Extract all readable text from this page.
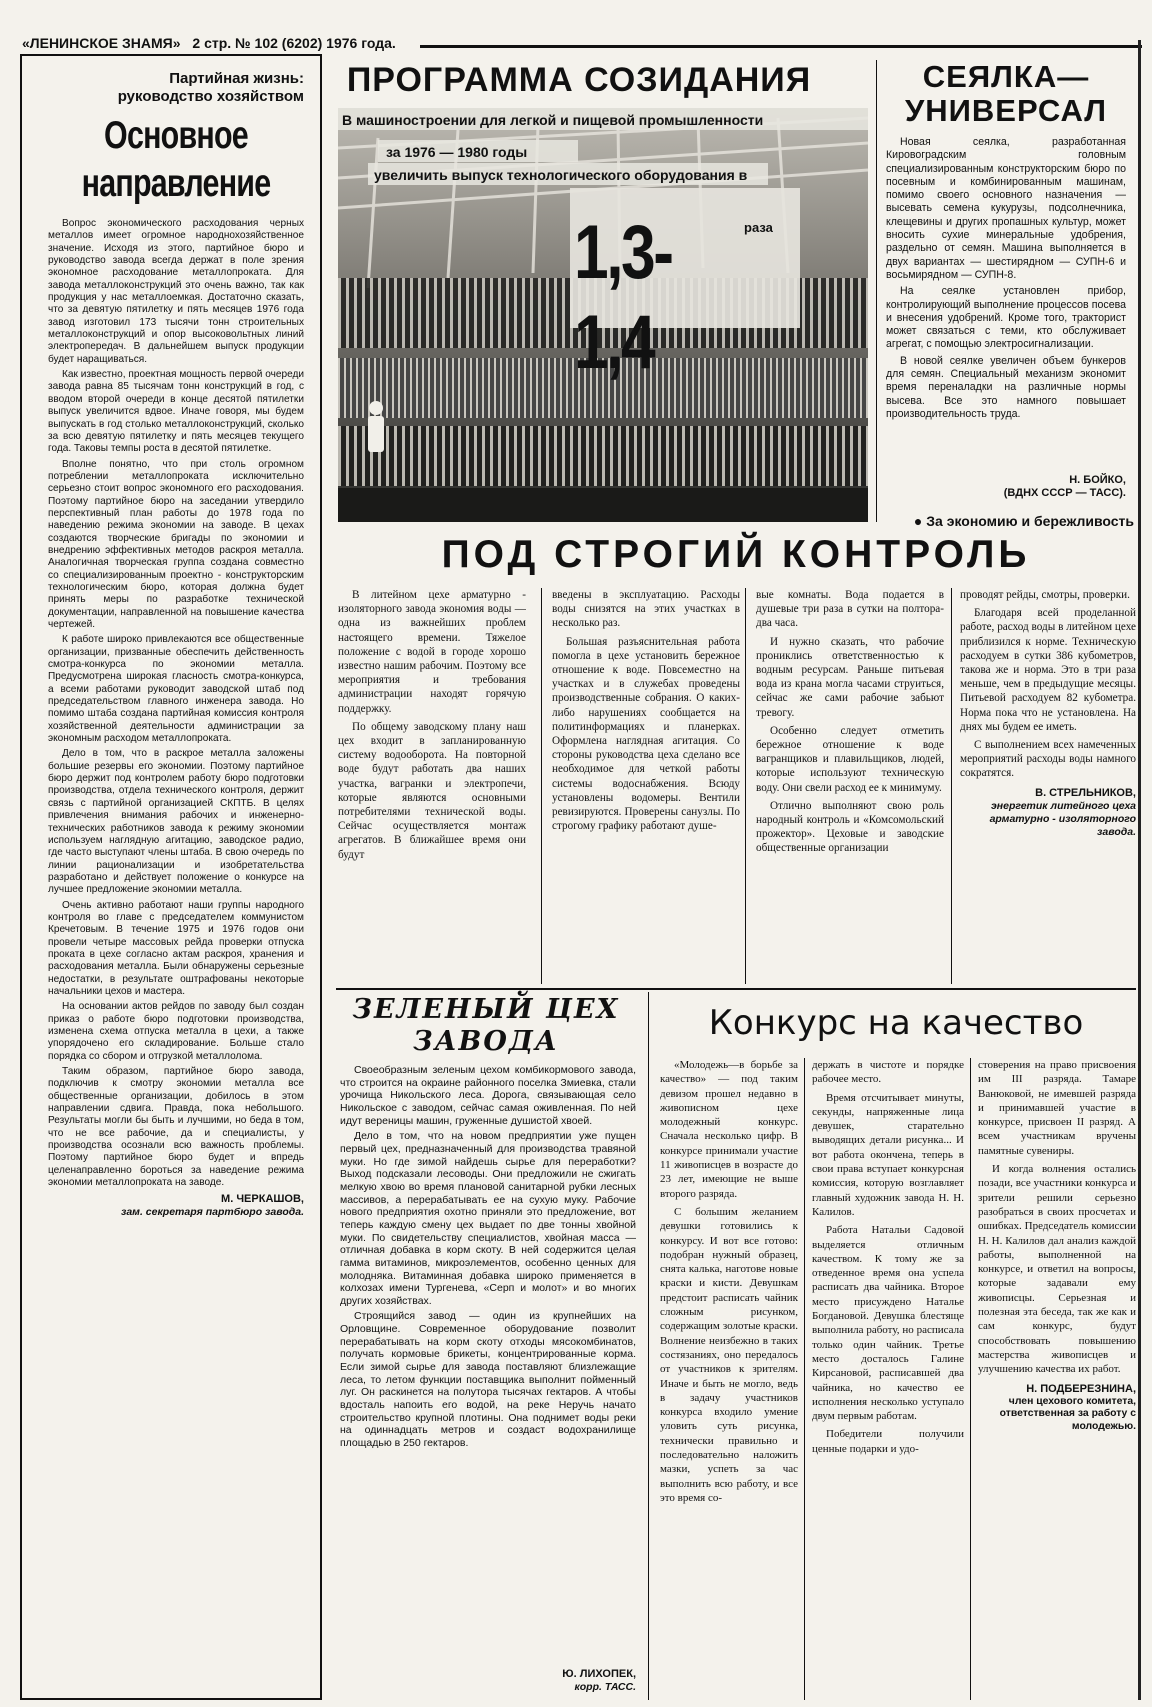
«ЛЕНИНСКОЕ ЗНАМЯ» 2 стр. № 102 (6202) 1976 года.
Партийная жизнь:
руководство хозяйством
Основное
направление

Вопрос экономического расходования черных металлов имеет огромное народнохозяйственное значение. Исходя из этого, партийное бюро и руководство завода всегда держат в поле зрения экономное расходование металлопроката. Для завода металлоконструкций это очень важно, так как продукция у нас металлоемкая. Достаточно сказать, что за девятую пятилетку и пять месяцев 1976 года завод изготовил 173 тысячи тонн строительных металлоконструкций и опор высоковольтных линий электропередач. В дальнейшем выпуск продукции будет наращиваться.

Как известно, проектная мощность первой очереди завода равна 85 тысячам тонн конструкций в год, с вводом второй очереди в конце десятой пятилетки выпуск увеличится вдвое. Иначе говоря, мы будем выпускать в год столько металлоконструкций, сколько за всю девятую пятилетку и пять месяцев текущего года. Таковы темпы роста в десятой пятилетке.

Вполне понятно, что при столь огромном потреблении металлопроката исключительно серьезно стоит вопрос экономного его расходования. Поэтому партийное бюро на заседании утвердило перспективный план работы до 1978 года по наведению режима экономии на заводе. В цехах создаются творческие бригады по экономии и внедрению эффективных методов раскроя металла. Аналогичная творческая группа создана совместно со специализированным проектно - конструкторским технологическим бюро, которая должна будет принять меры по разработке технической документации, направленной на повышение качества чертежей.

К работе широко привлекаются все общественные организации, призванные обеспечить действенность смотра-конкурса по экономии металла. Предусмотрена широкая гласность смотра-конкурса, а всеми работами руководит заводской штаб под председательством главного инженера завода. Но помимо штаба создана партийная комиссия контроля хозяйственной деятельности администрации за экономным расходом металлопроката.

Дело в том, что в раскрое металла заложены большие резервы его экономии. Поэтому партийное бюро держит под контролем работу бюро подготовки производства, отдела технического контроля, держит связь с партийной организацией СКПТБ. В целях привлечения внимания рабочих и инженерно-технических работников завода к режиму экономии используем наглядную агитацию, заводское радио, где часто выступают члены штаба. В свою очередь по линии рационализации и изобретательства разработано и действует положение о конкурсе на лучшее предложение экономии металла.

Очень активно работают наши группы народного контроля во главе с председателем коммунистом Кречетовым. В течение 1975 и 1976 годов они провели четыре массовых рейда проверки отпуска проката в цехе согласно актам раскроя, хранения и расходования металла. Были обнаружены серьезные недостатки, в результате оштрафованы некоторые начальники цехов и мастера.

На основании актов рейдов по заводу был создан приказ о работе бюро подготовки производства, изменена схема отпуска металла в цехи, а также упорядочено его складирование. Больше стало порядка со сбором и отгрузкой металлолома.

Таким образом, партийное бюро завода, подключив к смотру экономии металла все общественные организации, добилось в этом направлении сдвига. Правда, пока небольшого. Результаты могли бы быть и лучшими, но беда в том, что не все рабочие, да и специалисты, у производства осознали всю важность проблемы. Поэтому партийное бюро будет и впредь целенаправленно бороться за наведение режима экономии металлопроката на заводе.

М. ЧЕРКАШОВ,
зам. секретаря партбюро завода.
ПРОГРАММА СОЗИДАНИЯ
В машиностроении для легкой и пищевой промышленности
за 1976 — 1980 годы
увеличить выпуск технологического оборудования в
1,3-1,4
раза
СЕЯЛКА—
УНИВЕРСАЛ

Новая сеялка, разработанная Кировоградским головным специализированным конструкторским бюро по посевным и комбинированным машинам, помимо своего основного назначения — высевать семена кукурузы, подсолнечника, клещевины и других пропашных культур, может вносить сухие минеральные удобрения, раздельно от семян. Машина выполняется в двух вариантах — шестирядном — СУПН-6 и восьмирядном — СУПН-8.

На сеялке установлен прибор, контролирующий выполнение процессов посева и внесения удобрений. Кроме того, тракторист может связаться с теми, кто обслуживает агрегат, с помощью электросигнализации.

В новой сеялке увеличен объем бункеров для семян. Специальный механизм экономит время переналадки на различные нормы высева. Все это намного повышает производительность труда.

Н. БОЙКО,
(ВДНХ СССР — ТАСС).
● За экономию и бережливость
ПОД СТРОГИЙ КОНТРОЛЬ

В литейном цехе арматурно - изоляторного завода экономия воды — одна из важнейших проблем настоящего времени. Тяжелое положение с водой в городе хорошо известно нашим рабочим. Поэтому все мероприятия и требования администрации находят горячую поддержку.

По общему заводскому плану наш цех входит в запланированную систему водооборота. На повторной воде будут работать два наших участка, вагранки и электропечи, которые являются основными потребителями технической воды. Сейчас осуществляется монтаж агрегатов. В ближайшее время они будут

введены в эксплуатацию. Расходы воды снизятся на этих участках в несколько раз.

Большая разъяснительная работа помогла в цехе установить бережное отношение к воде. Повсеместно на участках и в служебах проведены производственные собрания. О каких-либо нарушениях сообщается на политинформациях и планерках. Оформлена наглядная агитация. Со стороны руководства цеха сделано все необходимое для четкой работы системы водоснабжения. Всюду установлены водомеры. Вентили ревизируются. Проверены санузлы. По строгому графику работают душе-

вые комнаты. Вода подается в душевые три раза в сутки на полтора-два часа.

И нужно сказать, что рабочие прониклись ответственностью к водным ресурсам. Раньше питьевая вода из крана могла часами струиться, сейчас же сами рабочие забьют тревогу.

Особенно следует отметить бережное отношение к воде вагранщиков и плавильщиков, людей, которые используют техническую воду. Они свели расход ее к минимуму.

Отлично выполняют свою роль народный контроль и «Комсомольский прожектор». Цеховые и заводские общественные организации

проводят рейды, смотры, проверки.

Благодаря всей проделанной работе, расход воды в литейном цехе приблизился к норме. Техническую расходуем в сутки 386 кубометров, такова же и норма. Это в три раза меньше, чем в предыдущие месяцы. Питьевой расходуем 82 кубометра. Норма пока что не установлена. На днях мы будем ее иметь.

С выполнением всех намеченных мероприятий расходы воды намного сократятся.

В. СТРЕЛЬНИКОВ,
энергетик литейного цеха арматурно - изоляторного завода.
ЗЕЛЕНЫЙ ЦЕХ
ЗАВОДА

Своеобразным зеленым цехом комбикормового завода, что строится на окраине районного поселка Змиевка, стали урочища Никольского леса. Дорога, связывающая село Никольское с заводом, сейчас самая оживленная. По ней идут вереницы машин, груженные душистой хвоей.

Дело в том, что на новом предприятии уже пущен первый цех, предназначенный для производства травяной муки. Но где зимой найдешь сырье для переработки? Выход подсказали лесоводы. Они предложили не сжигать мелкую хвою во время плановой санитарной рубки лесных массивов, а перерабатывать ее на сухую муку. Рабочие нового предприятия охотно приняли это предложение, вот теперь каждую смену цех выдает по две тонны хвойной муки. По свидетельству специалистов, хвойная масса — отличная добавка в корм скоту. В ней содержится целая гамма витаминов, микроэлементов, особенно ценных для молодняка. Витаминная добавка широко применяется в колхозах имени Тургенева, «Серп и молот» и во многих других хозяйствах.

Строящийся завод — один из крупнейших на Орловщине. Современное оборудование позволит перерабатывать на корм скоту отходы мясокомбинатов, получать кормовые брикеты, концентрированные корма. Если зимой сырье для завода поставляют близлежащие леса, то летом функции поставщика выполнит пойменный луг. Он раскинется на полутора тысячах гектаров. А чтобы вдосталь напоить его водой, на реке Неручь начато строительство крупной плотины. Она поднимет воды реки на одиннадцать метров и создаст водохранилище площадью в 250 гектаров.

Ю. ЛИХОПЕК,
корр. ТАСС.
Конкурс на качество

«Молодежь—в борьбе за качество» — под таким девизом прошел недавно в живописном цехе молодежный конкурс. Сначала несколько цифр. В конкурсе принимали участие 11 живописцев в возрасте до 23 лет, имеющие не выше второго разряда.

С большим желанием девушки готовились к конкурсу. И вот все готово: подобран нужный образец, снята калька, наготове новые краски и кисти. Девушкам предстоит расписать чайник сложным рисунком, содержащим золотые краски. Волнение неизбежно в таких состязаниях, оно передалось от участников к зрителям. Иначе и быть не могло, ведь в задачу участников конкурса входило умение уловить суть рисунка, технически правильно и последовательно наложить мазки, успеть за час выполнить всю работу, и все это время со-

держать в чистоте и порядке рабочее место.

Время отсчитывает минуты, секунды, напряженные лица девушек, старательно выводящих детали рисунка... И вот работа окончена, теперь в свои права вступает конкурсная комиссия, которую возглавляет главный художник завода Н. Н. Калилов.

Работа Натальи Садовой выделяется отличным качеством. К тому же за отведенное время она успела расписать два чайника. Второе место присуждено Наталье Богдановой. Девушка блестяще выполнила работу, но расписала только один чайник. Третье место досталось Галине Кирсановой, расписавшей два чайника, но качество ее исполнения несколько уступало двум первым работам.

Победители получили ценные подарки и удо-

стоверения на право присвоения им III разряда. Тамаре Ванюковой, не имевшей разряда и принимавшей участие в конкурсе, присвоен II разряд. А всем участникам вручены памятные сувениры.

И когда волнения остались позади, все участники конкурса и зрители решили серьезно разобраться в своих просчетах и ошибках. Председатель комиссии Н. Н. Калилов дал анализ каждой работы, выполненной на конкурсе, и ответил на вопросы, которые задавали ему живописцы. Серьезная и полезная эта беседа, так же как и сам конкурс, будут способствовать повышению мастерства живописцев и улучшению качества их работ.

Н. ПОДБЕРЕЗНИНА,
член цехового комитета, ответственная за работу с молодежью.
